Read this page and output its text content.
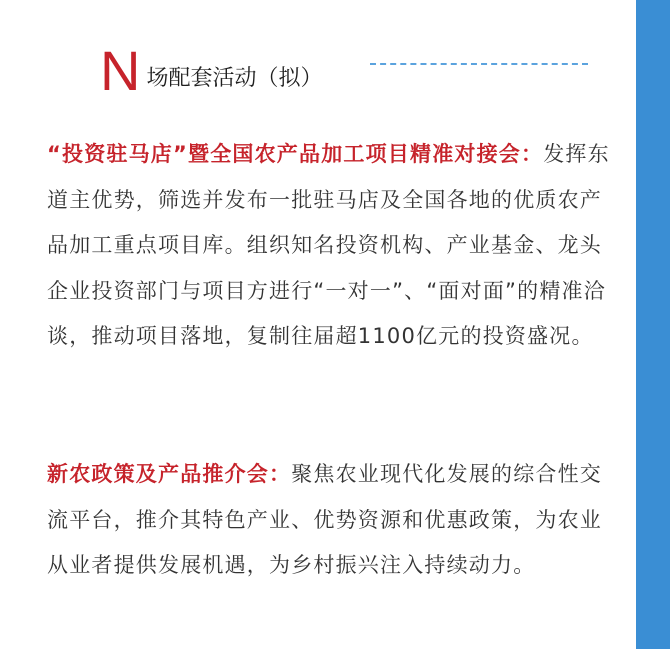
N 场配套活动（拟）

“投资驻马店”暨全国农产品加工项目精准对接会：发挥东道主优势，筛选并发布一批驻马店及全国各地的优质农产品加工重点项目库。组织知名投资机构、产业基金、龙头企业投资部门与项目方进行“一对一”、“面对面”的精准洽谈，推动项目落地，复制往届超1100亿元的投资盛况。

新农政策及产品推介会：聚焦农业现代化发展的综合性交流平台，推介其特色产业、优势资源和优惠政策，为农业从业者提供发展机遇，为乡村振兴注入持续动力。
